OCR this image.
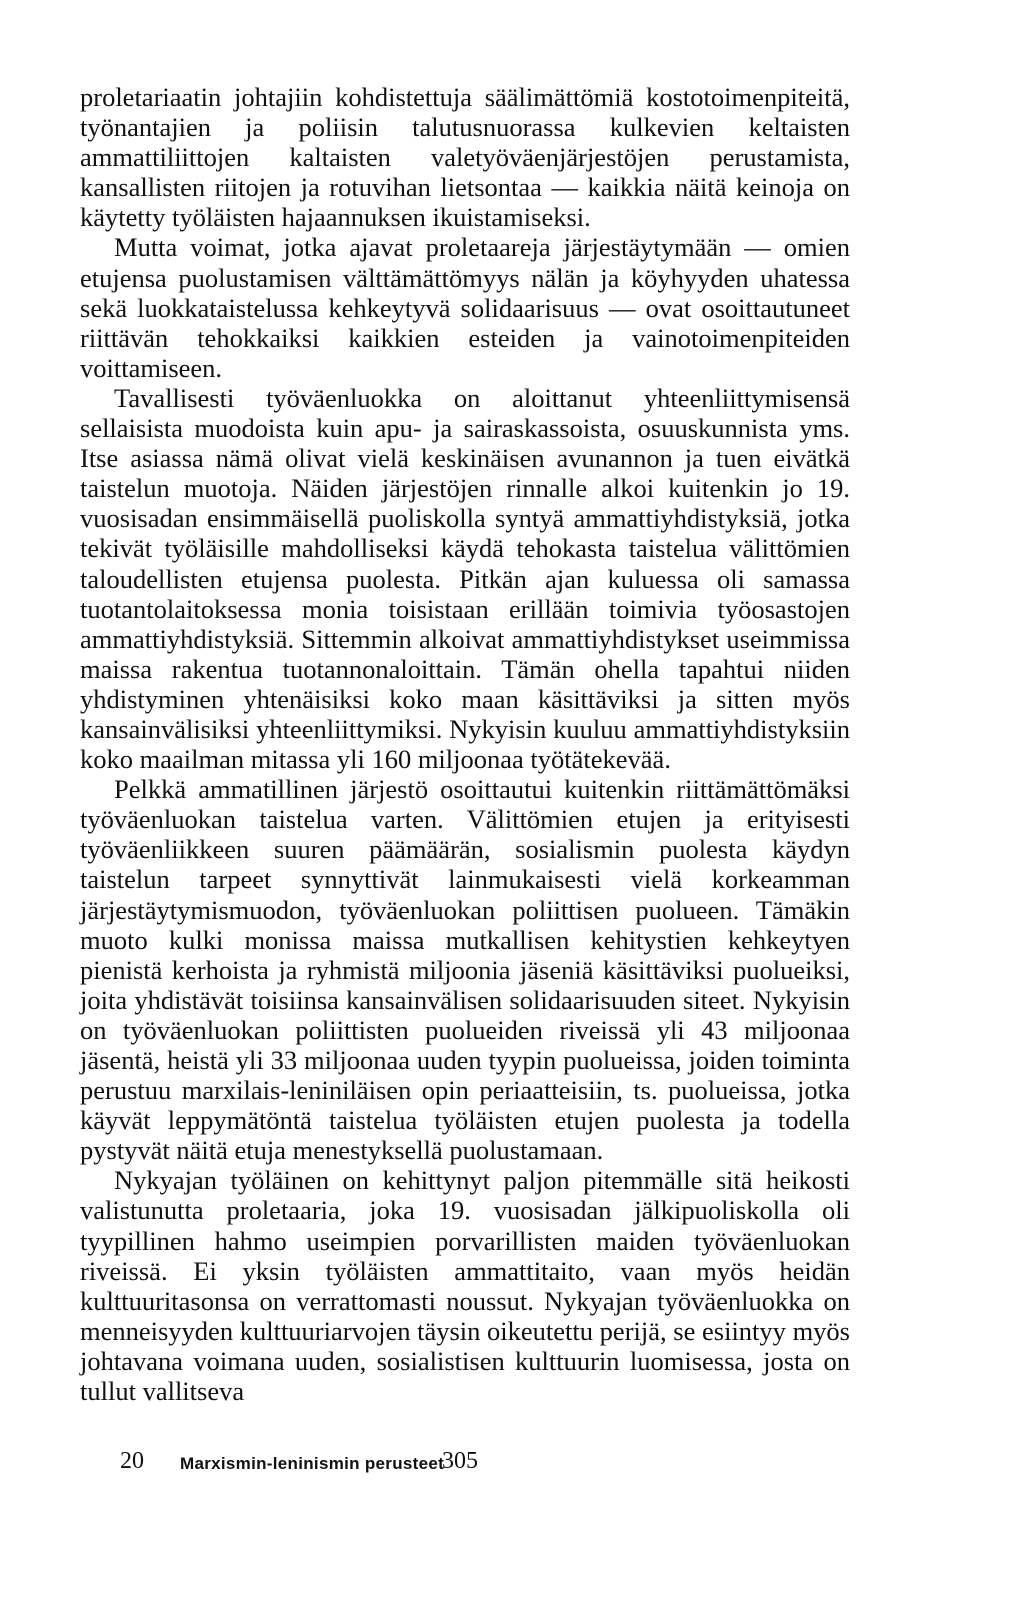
proletariaatin johtajiin kohdistettuja säälimättömiä kostotoimenpiteitä, työnantajien ja poliisin talutusnuorassa kulkevien keltaisten ammattiliittojen kaltaisten valetyöväenjärjestöjen perustamista, kansallisten riitojen ja rotuvihan lietsontaa — kaikkia näitä keinoja on käytetty työläisten hajaannuksen ikuistamiseksi.

Mutta voimat, jotka ajavat proletaareja järjestäytymään — omien etujensa puolustamisen välttämättömyys nälän ja köyhyyden uhatessa sekä luokkataistelussa kehkeytyvä solidaarisuus — ovat osoittautuneet riittävän tehokkaiksi kaikkien esteiden ja vainotoimenpiteiden voittamiseen.

Tavallisesti työväenluokka on aloittanut yhteenliittymisensä sellaisista muodoista kuin apu- ja sairaskassoista, osuuskunnista yms. Itse asiassa nämä olivat vielä keskinäisen avunannon ja tuen eivätkä taistelun muotoja. Näiden järjestöjen rinnalle alkoi kuitenkin jo 19. vuosisadan ensimmäisellä puoliskolla syntyä ammattiyhdistyksiä, jotka tekivät työläisille mahdolliseksi käydä tehokasta taistelua välittömien taloudellisten etujensa puolesta. Pitkän ajan kuluessa oli samassa tuotantolaitoksessa monia toisistaan erillään toimivia työosastojen ammattiyhdistyksiä. Sittemmin alkoivat ammattiyhdistykset useimmissa maissa rakentua tuotannonaloittain. Tämän ohella tapahtui niiden yhdistyminen yhtenäisiksi koko maan käsittäviksi ja sitten myös kansainvälisiksi yhteenliittymiksi. Nykyisin kuuluu ammattiyhdistyksiin koko maailman mitassa yli 160 miljoonaa työtätekevää.

Pelkkä ammatillinen järjestö osoittautui kuitenkin riittämättömäksi työväenluokan taistelua varten. Välittömien etujen ja erityisesti työväenliikkeen suuren päämäärän, sosialismin puolesta käydyn taistelun tarpeet synnyttivät lainmukaisesti vielä korkeamman järjestäytymismuodon, työväenluokan poliittisen puolueen. Tämäkin muoto kulki monissa maissa mutkallisen kehitystien kehkeytyen pienistä kerhoista ja ryhmistä miljoonia jäseniä käsittäviksi puolueiksi, joita yhdistävät toisiinsa kansainvälisen solidaarisuuden siteet. Nykyisin on työväenluokan poliittisten puolueiden riveissä yli 43 miljoonaa jäsentä, heistä yli 33 miljoonaa uuden tyypin puolueissa, joiden toiminta perustuu marxilais-leniniläisen opin periaatteisiin, ts. puolueissa, jotka käyvät leppymätöntä taistelua työläisten etujen puolesta ja todella pystyvät näitä etuja menestyksellä puolustamaan.

Nykyajan työläinen on kehittynyt paljon pitemmälle sitä heikosti valistunutta proletaaria, joka 19. vuosisadan jälkipuoliskolla oli tyypillinen hahmo useimpien porvarillisten maiden työväenluokan riveissä. Ei yksin työläisten ammattitaito, vaan myös heidän kulttuuritasonsa on verrattomasti noussut. Nykyajan työväenluokka on menneisyyden kulttuuriarvojen täysin oikeutettu perijä, se esiintyy myös johtavana voimana uuden, sosialistisen kulttuurin luomisessa, josta on tullut vallitseva

20 Marxismin-leninismin perusteet
305
